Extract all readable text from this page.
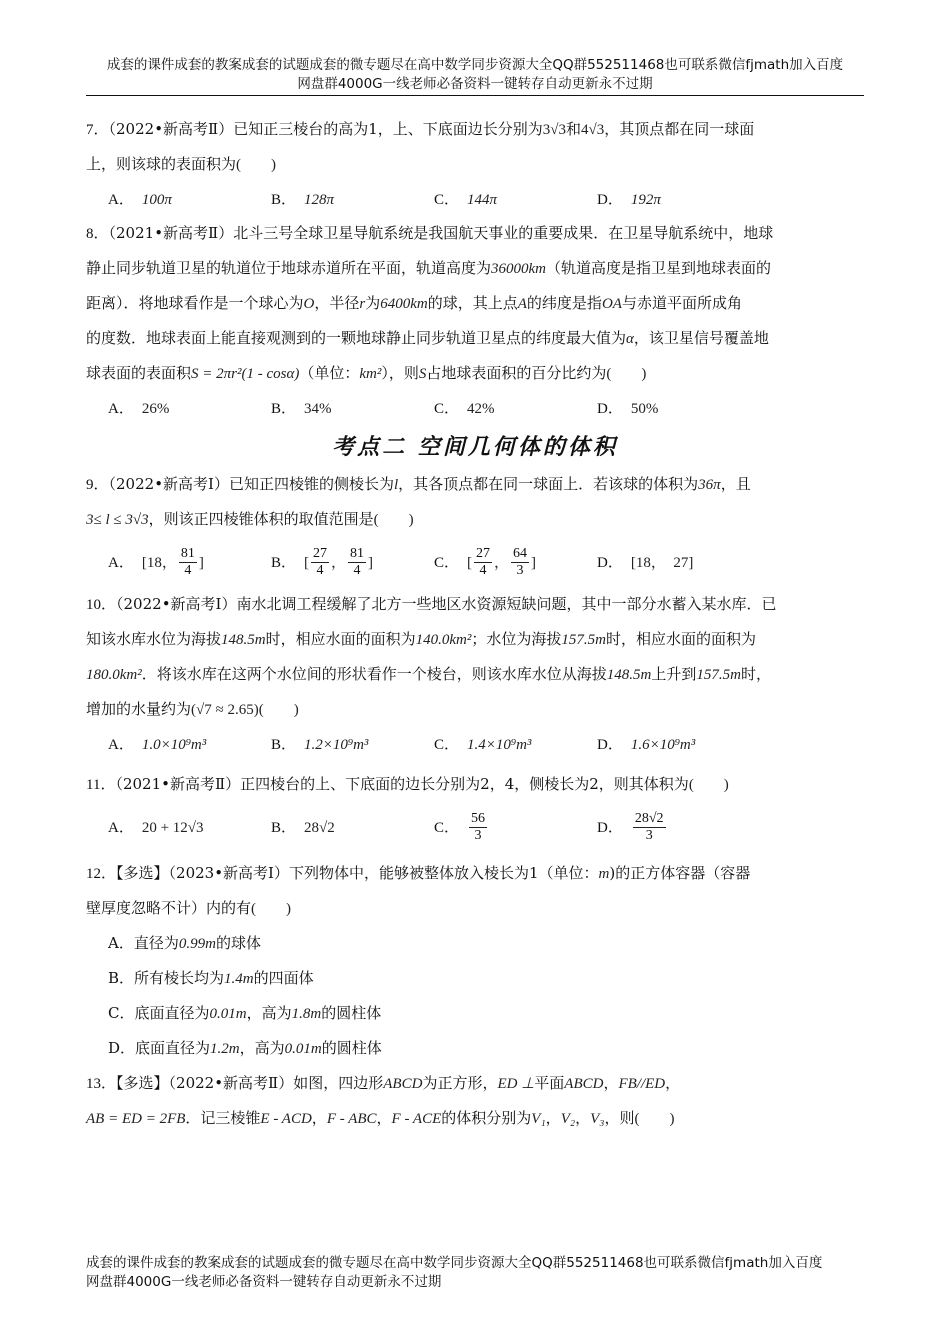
成套的课件成套的教案成套的试题成套的微专题尽在高中数学同步资源大全QQ群552511468也可联系微信fjmath加入百度
网盘群4000G一线老师必备资料一键转存自动更新永不过期

7．（2022•新高考Ⅱ）已知正三棱台的高为1，上、下底面边长分别为3√3和4√3，其顶点都在同一球面
上，则该球的表面积为(　　)

A． 100π	B． 128π	C． 144π	D． 192π

8．（2021•新高考Ⅱ）北斗三号全球卫星导航系统是我国航天事业的重要成果．在卫星导航系统中，地球
静止同步轨道卫星的轨道位于地球赤道所在平面，轨道高度为36000km（轨道高度是指卫星到地球表面的
距离）．将地球看作是一个球心为O，半径r为6400km的球，其上点A的纬度是指OA与赤道平面所成角
的度数．地球表面上能直接观测到的一颗地球静止同步轨道卫星点的纬度最大值为α，该卫星信号覆盖地
球表面的表面积S = 2πr²(1 - cosα)（单位：km²），则S占地球表面积的百分比约为(　　)

A． 26%	B． 34%	C． 42%	D． 50%
考点二 空间几何体的体积

9．（2022•新高考Ⅰ）已知正四棱锥的侧棱长为l，其各顶点都在同一球面上．若该球的体积为36π，且
3≤ l ≤ 3√3，则该正四棱锥体积的取值范围是(　　)

A． [18， $\frac{81}{4}$ ]	B． [ $\frac{27}{4}$ ， $\frac{81}{4}$ ]	C． [ $\frac{27}{4}$ ， $\frac{64}{3}$ ]	D． [18，　27]

10．（2022•新高考Ⅰ）南水北调工程缓解了北方一些地区水资源短缺问题，其中一部分水蓄入某水库．已
知该水库水位为海拔148.5m时，相应水面的面积为140.0km²；水位为海拔157.5m时，相应水面的面积为
180.0km²．将该水库在这两个水位间的形状看作一个棱台，则该水库水位从海拔148.5m上升到157.5m时，
增加的水量约为(√7 ≈ 2.65)(　　)

A． 1.0×10⁹m³	B． 1.2×10⁹m³	C． 1.4×10⁹m³	D． 1.6×10⁹m³

11．（2021•新高考Ⅱ）正四棱台的上、下底面的边长分别为2，4，侧棱长为2，则其体积为(　　)

A． 20 + 12√3	B． 28√2	C． $\frac{56}{3}$	D． $\frac{28√2}{3}$

12．【多选】（2023•新高考Ⅰ）下列物体中，能够被整体放入棱长为1（单位：m)的正方体容器（容器
壁厚度忽略不计）内的有(　　)

A．直径为0.99m的球体

B．所有棱长均为1.4m的四面体

C．底面直径为0.01m，高为1.8m的圆柱体

D．底面直径为1.2m，高为0.01m的圆柱体

13．【多选】（2022•新高考Ⅱ）如图，四边形ABCD为正方形，ED ⊥平面ABCD，FB//ED，
AB = ED = 2FB．记三棱锥E - ACD，F - ABC，F - ACE的体积分别为V₁，V₂，V₃，则(　　)

成套的课件成套的教案成套的试题成套的微专题尽在高中数学同步资源大全QQ群552511468也可联系微信fjmath加入百度
网盘群4000G一线老师必备资料一键转存自动更新永不过期
